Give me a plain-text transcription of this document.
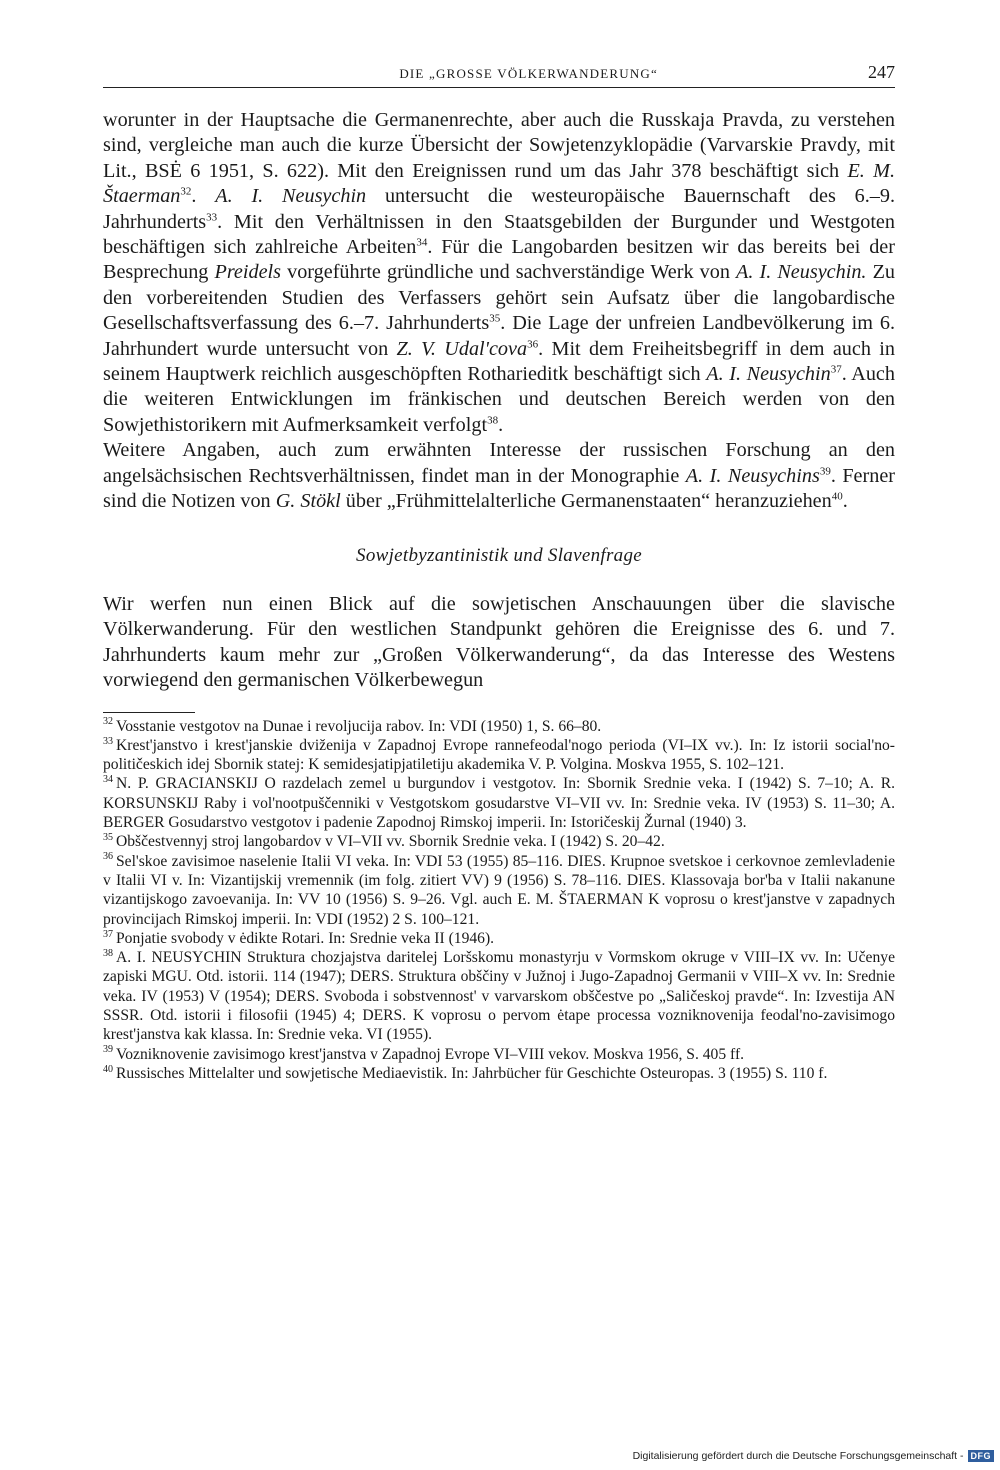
DIE „GROSSE VÖLKERWANDERUNG“	247

worunter in der Hauptsache die Germanenrechte, aber auch die Russkaja Pravda, zu verstehen sind, vergleiche man auch die kurze Übersicht der Sowjetenzyklopädie (Varvarskie Pravdy, mit Lit., BSĖ 6 1951, S. 622). Mit den Ereignissen rund um das Jahr 378 beschäftigt sich E. M. Štaerman$^{32}$. A. I. Neusychin untersucht die westeuropäische Bauernschaft des 6.–9. Jahrhunderts$^{33}$. Mit den Verhältnissen in den Staatsgebilden der Burgunder und Westgoten beschäftigen sich zahlreiche Arbeiten$^{34}$. Für die Langobarden besitzen wir das bereits bei der Besprechung Preidels vorgeführte gründliche und sachverständige Werk von A. I. Neusychin. Zu den vorbereitenden Studien des Verfassers gehört sein Aufsatz über die langobardische Gesellschaftsverfassung des 6.–7. Jahrhunderts$^{35}$. Die Lage der unfreien Landbevölkerung im 6. Jahrhundert wurde untersucht von Z. V. Udal'cova$^{36}$. Mit dem Freiheitsbegriff in dem auch in seinem Hauptwerk reichlich ausgeschöpften Rotharieditk beschäftigt sich A. I. Neusychin$^{37}$. Auch die weiteren Entwicklungen im fränkischen und deutschen Bereich werden von den Sowjethistorikern mit Aufmerksamkeit verfolgt$^{38}$.

Weitere Angaben, auch zum erwähnten Interesse der russischen Forschung an den angelsächsischen Rechtsverhältnissen, findet man in der Monographie A. I. Neusychins$^{39}$. Ferner sind die Notizen von G. Stökl über „Frühmittelalterliche Germanenstaaten“ heranzuziehen$^{40}$.

Sowjetbyzantinistik und Slavenfrage

Wir werfen nun einen Blick auf die sowjetischen Anschauungen über die slavische Völkerwanderung. Für den westlichen Standpunkt gehören die Ereignisse des 6. und 7. Jahrhunderts kaum mehr zur „Großen Völkerwanderung“, da das Interesse des Westens vorwiegend den germanischen Völkerbewegun

$^{32}$ Vosstanie vestgotov na Dunae i revoljucija rabov. In: VDI (1950) 1, S. 66–80.

$^{33}$ Krest'janstvo i krest'janskie dviženija v Zapadnoj Evrope rannefeodal'nogo perioda (VI–IX vv.). In: Iz istorii social'no-političeskich idej Sbornik statej: K semidesjatipjatiletiju akademika V. P. Volgina. Moskva 1955, S. 102–121.

$^{34}$ N. P. GRACIANSKIJ O razdelach zemel u burgundov i vestgotov. In: Sbornik Srednie veka. I (1942) S. 7–10; A. R. KORSUNSKIJ Raby i vol'nootpuščenniki v Vestgotskom gosudarstve VI–VII vv. In: Srednie veka. IV (1953) S. 11–30; A. BERGER Gosudarstvo vestgotov i padenie Zapodnoj Rimskoj imperii. In: Istoričeskij Žurnal (1940) 3.

$^{35}$ Obščestvennyj stroj langobardov v VI–VII vv. Sbornik Srednie veka. I (1942) S. 20–42.

$^{36}$ Sel'skoe zavisimoe naselenie Italii VI veka. In: VDI 53 (1955) 85–116. DIES. Krupnoe svetskoe i cerkovnoe zemlevladenie v Italii VI v. In: Vizantijskij vremennik (im folg. zitiert VV) 9 (1956) S. 78–116. DIES. Klassovaja bor'ba v Italii nakanune vizantijskogo zavoevanija. In: VV 10 (1956) S. 9–26. Vgl. auch E. M. ŠTAERMAN K voprosu o krest'janstve v zapadnych provincijach Rimskoj imperii. In: VDI (1952) 2 S. 100–121.

$^{37}$ Ponjatie svobody v ėdikte Rotari. In: Srednie veka II (1946).

$^{38}$ A. I. NEUSYCHIN Struktura chozjajstva daritelej Loršskomu monastyrju v Vormskom okruge v VIII–IX vv. In: Učenye zapiski MGU. Otd. istorii. 114 (1947); DERS. Struktura obščiny v Južnoj i Jugo-Zapadnoj Germanii v VIII–X vv. In: Srednie veka. IV (1953) V (1954); DERS. Svoboda i sobstvennost' v varvarskom obščestve po „Saličeskoj pravde“. In: Izvestija AN SSSR. Otd. istorii i filosofii (1945) 4; DERS. K voprosu o pervom ėtape processa vozniknovenija feodal'no-zavisimogo krest'janstva kak klassa. In: Srednie veka. VI (1955).

$^{39}$ Vozniknovenie zavisimogo krest'janstva v Zapadnoj Evrope VI–VIII vekov. Moskva 1956, S. 405 ff.

$^{40}$ Russisches Mittelalter und sowjetische Mediaevistik. In: Jahrbücher für Geschichte Osteuropas. 3 (1955) S. 110 f.

Digitalisierung gefördert durch die Deutsche Forschungsgemeinschaft - DFG
